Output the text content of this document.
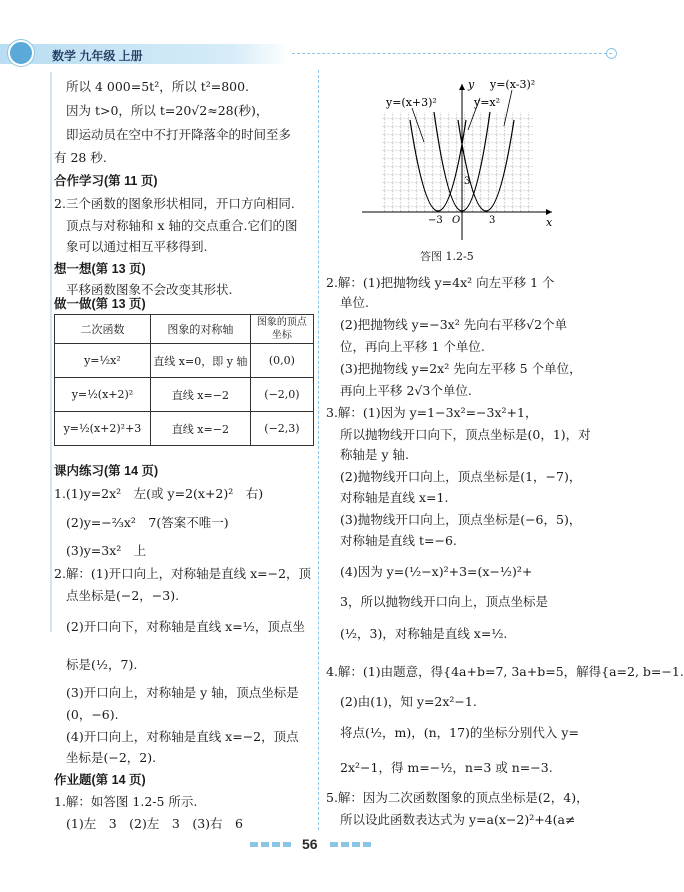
数学 九年级 上册
所以 4 000=5t²，所以 t²=800.
因为 t>0，所以 t=20√2≈28(秒)，
即运动员在空中不打开降落伞的时间至多
有 28 秒.
合作学习(第 11 页)
2.三个函数的图象形状相同，开口方向相同.
顶点与对称轴和 x 轴的交点重合.它们的图
象可以通过相互平移得到.
想一想(第 13 页)
平移函数图象不会改变其形状.
做一做(第 13 页)
二次函数	图象的对称轴	图象的顶点坐标
y=½x²	直线 x=0，即 y 轴	(0,0)
y=½(x+2)²	直线 x=−2	(−2,0)
y=½(x+2)²+3	直线 x=−2	(−2,3)
课内练习(第 14 页)
1.(1)y=2x²　左(或 y=2(x+2)²　右)
(2)y=−⅔x²　7(答案不唯一)
(3)y=3x²　上
2.解：(1)开口向上，对称轴是直线 x=−2，顶
点坐标是(−2，−3).
(2)开口向下，对称轴是直线 x=½，顶点坐
标是(½，7).
(3)开口向上，对称轴是 y 轴，顶点坐标是
(0，−6).
(4)开口向上，对称轴是直线 x=−2，顶点
坐标是(−2，2).
作业题(第 14 页)
1.解：如答图 1.2-5 所示.
(1)左　3　(2)左　3　(3)右　6
y=(x+3)²	y=x²
y=(x-3)²
y
x
−3 O	3
3
答图 1.2-5
2.解：(1)把抛物线 y=4x² 向左平移 1 个
单位.
(2)把抛物线 y=−3x² 先向右平移√2个单
位，再向上平移 1 个单位.
(3)把抛物线 y=2x² 先向左平移 5 个单位，
再向上平移 2√3个单位.
3.解：(1)因为 y=1−3x²=−3x²+1，
所以抛物线开口向下，顶点坐标是(0，1)，对
称轴是 y 轴.
(2)抛物线开口向上，顶点坐标是(1，−7)，
对称轴是直线 x=1.
(3)抛物线开口向上，顶点坐标是(−6，5)，
对称轴是直线 t=−6.
(4)因为 y=(½−x)²+3=(x−½)²+
3，所以抛物线开口向上，顶点坐标是
(½，3)，对称轴是直线 x=½.
4.解：(1)由题意，得{4a+b=7, 3a+b=5，解得{a=2, b=−1.
(2)由(1)，知 y=2x²−1.
将点(½，m)，(n，17)的坐标分别代入 y=
2x²−1，得 m=−½，n=3 或 n=−3.
5.解：因为二次函数图象的顶点坐标是(2，4)，
所以设此函数表达式为 y=a(x−2)²+4(a≠
56
